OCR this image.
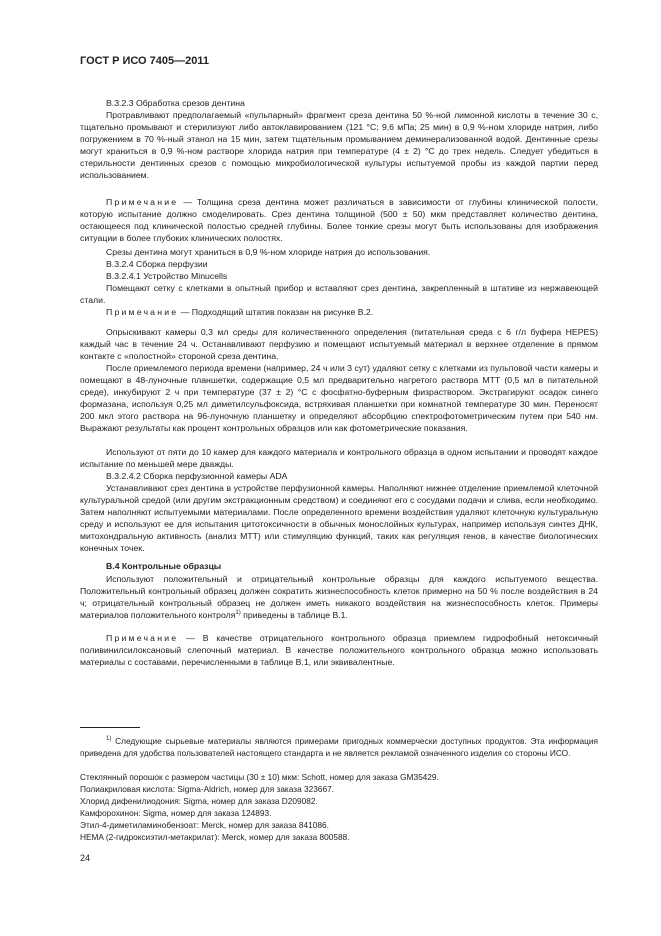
ГОСТ Р ИСО 7405—2011
В.3.2.3 Обработка срезов дентина
Протравливают предполагаемый «пульпарный» фрагмент среза дентина 50 %-ной лимонной кислоты в течение 30 с, тщательно промывают и стерилизуют либо автоклавированием (121 °С; 9,6 мПа; 25 мин) в 0,9 %-ном хлориде натрия, либо погружением в 70 %-ный этанол на 15 мин, затем тщательным промыванием деминерализованной водой. Дентинные срезы могут храниться в 0,9 %-ном растворе хлорида натрия при температуре (4 ± 2) °С до трех недель. Следует убедиться в стерильности дентинных срезов с помощью микробиологической культуры испытуемой пробы из каждой партии перед использованием.
Примечание — Толщина среза дентина может различаться в зависимости от глубины клинической полости, которую испытание должно смоделировать. Срез дентина толщиной (500 ± 50) мкм представляет количество дентина, остающееся под клинической полостью средней глубины. Более тонкие срезы могут быть использованы для изображения ситуации в более глубоких клинических полостях.
Срезы дентина могут храниться в 0,9 %-ном хлориде натрия до использования.
В.3.2.4 Сборка перфузии
В.3.2.4.1 Устройство Minucells
Помещают сетку с клетками в опытный прибор и вставляют срез дентина, закрепленный в штативе из нержавеющей стали.
Примечание — Подходящий штатив показан на рисунке В.2.
Опрыскивают камеры 0,3 мл среды для количественного определения (питательная среда с 6 г/л буфера HEPES) каждый час в течение 24 ч. Останавливают перфузию и помещают испытуемый материал в верхнее отделение в прямом контакте с «полостной» стороной среза дентина.
После приемлемого периода времени (например, 24 ч или 3 сут) удаляют сетку с клетками из пульповой части камеры и помещают в 48-луночные планшетки, содержащие 0,5 мл предварительно нагретого раствора МТТ (0,5 мл в питательной среде), инкубируют 2 ч при температуре (37 ± 2) °С с фосфатно-буферным физраствором. Экстрагируют осадок синего формазана, используя 0,25 мл диметилсульфоксида, встряхивая планшетки при комнатной температуре 30 мин. Переносят 200 мкл этого раствора на 96-луночную планшетку и определяют абсорбцию спектрофотометрическим путем при 540 нм. Выражают результаты как процент контрольных образцов или как фотометрические показания.
Используют от пяти до 10 камер для каждого материала и контрольного образца в одном испытании и проводят каждое испытание по меньшей мере дважды.
В.3.2.4.2 Сборка перфузионной камеры ADA
Устанавливают срез дентина в устройстве перфузионной камеры. Наполняют нижнее отделение приемлемой клеточной культуральной средой (или другим экстракционным средством) и соединяют его с сосудами подачи и слива, если необходимо. Затем наполняют испытуемыми материалами. После определенного времени воздействия удаляют клеточную культуральную среду и используют ее для испытания цитотоксичности в обычных монослойных культурах, например используя синтез ДНК, митохондральную активность (анализ МТТ) или стимуляцию функций, таких как регуляция генов, в качестве биологических конечных точек.
В.4 Контрольные образцы
Используют положительный и отрицательный контрольные образцы для каждого испытуемого вещества. Положительный контрольный образец должен сократить жизнеспособность клеток примерно на 50 % после воздействия в 24 ч; отрицательный контрольный образец не должен иметь никакого воздействия на жизнеспособность клеток. Примеры материалов положительного контроля$^{1)}$ приведены в таблице В.1.
Примечание — В качестве отрицательного контрольного образца приемлем гидрофобный нетоксичный поливинилсилоксановый слепочный материал. В качестве положительного контрольного образца можно использовать материалы с составами, перечисленными в таблице В.1, или эквивалентные.
$^{1)}$ Следующие сырьевые материалы являются примерами пригодных коммерчески доступных продуктов. Эта информация приведена для удобства пользователей настоящего стандарта и не является рекламой означенного изделия со стороны ИСО.
Стеклянный порошок с размером частицы (30 ± 10) мкм: Schott, номер для заказа GM35429.
Полиакриловая кислота: Sigma-Aldrich, номер для заказа 323667.
Хлорид дифенилиодония: Sigma, номер для заказа D209082.
Камфорохинон: Sigma, номер для заказа 124893.
Этил-4-диметиламинобензоат: Merck, номер для заказа 841086.
HEMA (2-гидроксиэтил-метакрилат): Merck, номер для заказа 800588.
24
